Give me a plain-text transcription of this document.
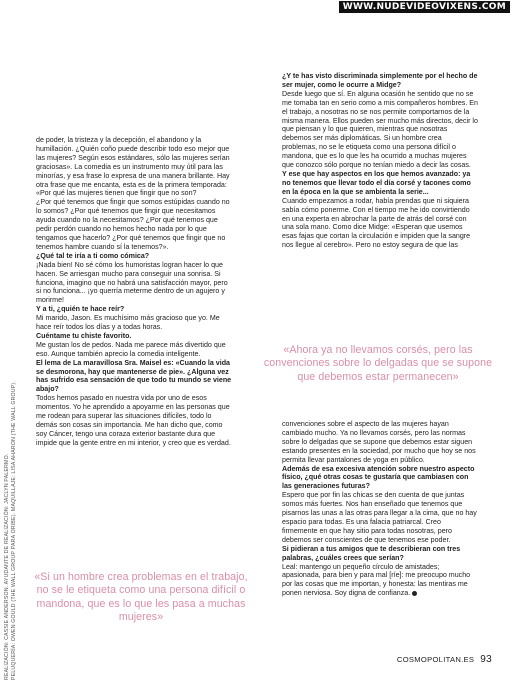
WWW.NUDEVIDEOVIXENS.COM
REALIZACIÓN: CASSIE ANDERSON. AYUDANTE DE REALIZACIÓN: JACLYN PALERMO. PELUQUERÍA: OWEN GOULD (THE WALL GROUP PARA ORIBE). MAQUILLAJE: LISA AHARON (THE WALL GROUP).

de poder, la tristeza y la decepción, el abandono y la humillación. ¿Quién coño puede describir todo eso mejor que las mujeres? Según esos estándares, sólo las mujeres serían graciosas». La comedia es un instrumento muy útil para las minorías, y esa frase lo expresa de una manera brillante. Hay otra frase que me encanta, esta es de la primera temporada: «Por qué las mujeres tienen que fingir que no son?

¿Por qué tenemos que fingir que somos estúpidas cuando no lo somos? ¿Por qué tenemos que fingir que necesitamos ayuda cuando no la necesitamos? ¿Por qué tenemos que pedir perdón cuando no hemos hecho nada por lo que tengamos que hacerlo? ¿Por qué tenemos que fingir que no tenemos hambre cuando sí la tenemos?».

¿Qué tal te iría a ti como cómica?

¡Nada bien! No sé cómo los humoristas logran hacer lo que hacen. Se arriesgan mucho para conseguir una sonrisa. Si funciona, imagino que no habrá una satisfacción mayor, pero si no funciona... ¡yo querría meterme dentro de un agujero y morirme!

Y a ti, ¿quién te hace reír?

Mi marido, Jason. Es muchísimo más gracioso que yo. Me hace reír todos los días y a todas horas.

Cuéntame tu chiste favorito.

Me gustan los de pedos. Nada me parece más divertido que eso. Aunque también aprecio la comedia inteligente.

El lema de La maravillosa Sra. Maisel es: «Cuando la vida se desmorona, hay que mantenerse de pie». ¿Alguna vez has sufrido esa sensación de que todo tu mundo se viene abajo?

Todos hemos pasado en nuestra vida por uno de esos momentos. Yo he aprendido a apoyarme en las personas que me rodean para superar las situaciones difíciles, todo lo demás son cosas sin importancia. Me han dicho que, como soy Cáncer, tengo una coraza exterior bastante dura que impide que la gente entre en mi interior, y creo que es verdad.

¿Y te has visto discriminada simplemente por el hecho de ser mujer, como le ocurre a Midge?

Desde luego que sí. En alguna ocasión he sentido que no se me tomaba tan en serio como a mis compañeros hombres. En el trabajo, a nosotras no se nos permite comportarnos de la misma manera. Ellos pueden ser mucho más directos, decir lo que piensan y lo que quieren, mientras que nosotras debemos ser más diplomáticas. Si un hombre crea problemas, no se le etiqueta como una persona difícil o mandona, que es lo que les ha ocurrido a muchas mujeres que conozco sólo porque no tenían miedo a decir las cosas.

Y ese que hay aspectos en los que hemos avanzado: ya no tenemos que llevar todo el día corsé y tacones como en la época en la que se ambienta la serie...

Cuando empezamos a rodar, había prendas que ni siquiera sabía cómo ponerme. Con el tiempo me he ido convirtiendo en una experta en abrochar la parte de atrás del corsé con una sola mano. Como dice Midge: «Esperan que usemos esas fajas que cortan la circulación e impiden que la sangre nos llegue al cerebro». Pero no estoy segura de que las

«Ahora ya no llevamos corsés, pero las convenciones sobre lo delgadas que se supone que debemos estar permanecen»

convenciones sobre el aspecto de las mujeres hayan cambiado mucho. Ya no llevamos corsés, pero las normas sobre lo delgadas que se supone que debemos estar siguen estando presentes en la sociedad, por mucho que hoy se nos permita llevar pantalones de yoga en público.

Además de esa excesiva atención sobre nuestro aspecto físico, ¿qué otras cosas te gustaría que cambiasen con las generaciones futuras?

Espero que por fin las chicas se den cuenta de que juntas somos más fuertes. Nos han enseñado que tenemos que pisarnos las unas a las otras para llegar a la cima, que no hay espacio para todas. Es una falacia patriarcal. Creo firmemente en que hay sitio para todas nosotras, pero debemos ser conscientes de que tenemos ese poder.

Si pidieran a tus amigos que te describieran con tres palabras, ¿cuáles crees que serían?

Leal: mantengo un pequeño círculo de amistades; apasionada, para bien y para mal [ríe]: me preocupo mucho por las cosas que me importan, y honesta: las mentiras me ponen nerviosa. Soy digna de confianza.

«Si un hombre crea problemas en el trabajo, no se le etiqueta como una persona difícil o mandona, que es lo que les pasa a muchas mujeres»
COSMOPOLITAN.ES 93
